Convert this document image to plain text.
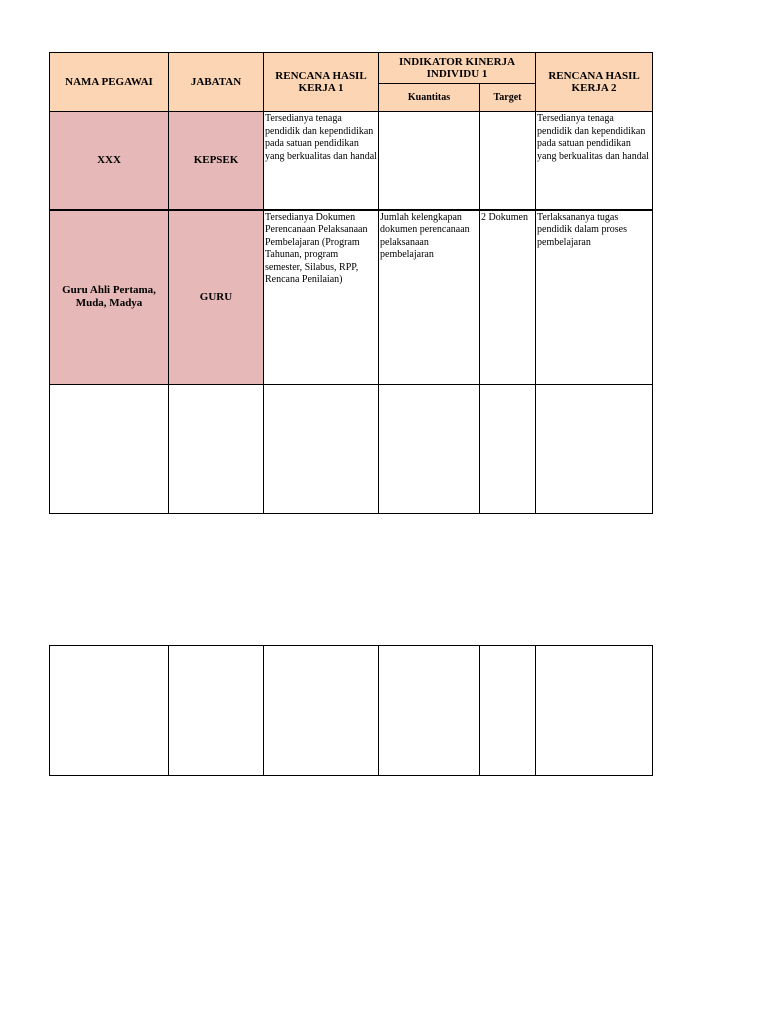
NAMA PEGAWAI	JABATAN	RENCANA HASIL KERJA 1	INDIKATOR KINERJA INDIVIDU 1		RENCANA HASIL KERJA 2
			Kuantitas	Target	
XXX	KEPSEK	Tersedianya tenaga pendidik dan kependidikan pada satuan pendidikan yang berkualitas dan handal			Tersedianya tenaga pendidik dan kependidikan pada satuan pendidikan yang berkualitas dan handal
Guru Ahli Pertama, Muda, Madya	GURU	Tersedianya Dokumen Perencanaan Pelaksanaan Pembelajaran (Program Tahunan, program semester, Silabus, RPP, Rencana Penilaian)	Jumlah kelengkapan dokumen perencanaan pelaksanaan pembelajaran	2 Dokumen	Terlaksananya tugas pendidik dalam proses pembelajaran
